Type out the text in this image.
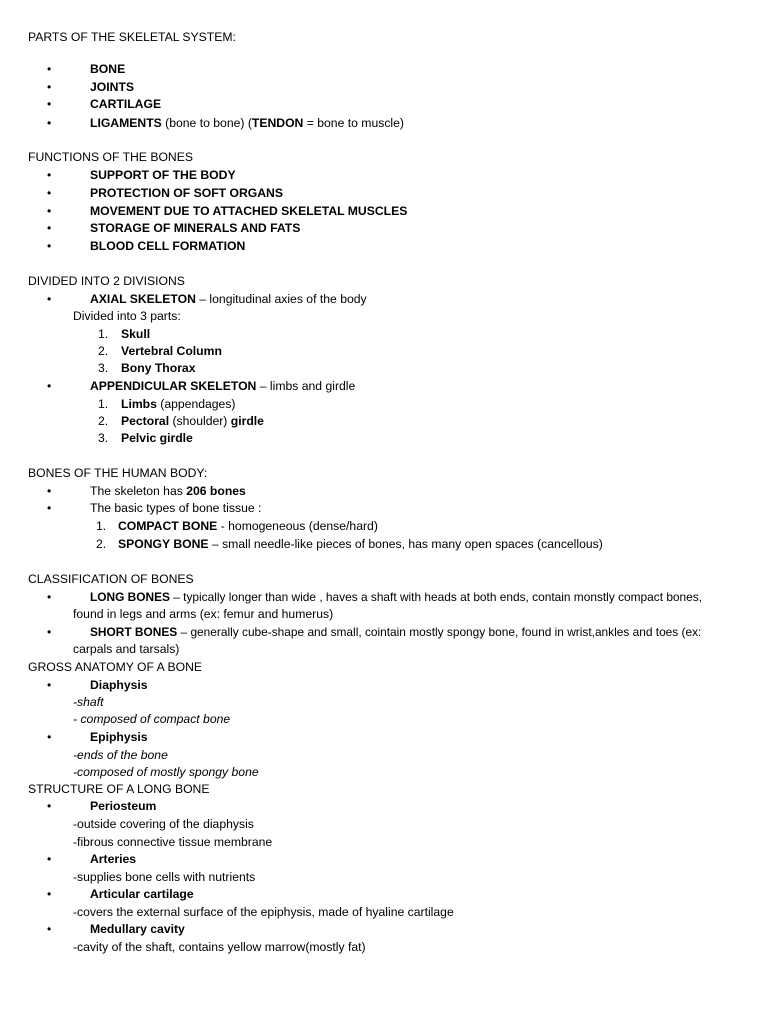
PARTS OF THE SKELETAL SYSTEM:
•	BONE
•	JOINTS
•	CARTILAGE
•	LIGAMENTS (bone to bone) (TENDON = bone to muscle)
FUNCTIONS OF THE BONES
•	SUPPORT OF THE BODY
•	PROTECTION OF SOFT ORGANS
•	MOVEMENT DUE TO ATTACHED SKELETAL MUSCLES
•	STORAGE OF MINERALS AND FATS
•	BLOOD CELL FORMATION
DIVIDED INTO 2 DIVISIONS
•	AXIAL SKELETON – longitudinal axies of the body
Divided into 3 parts:
1. Skull
2. Vertebral Column
3. Bony Thorax
•	APPENDICULAR SKELETON – limbs and girdle
1. Limbs (appendages)
2. Pectoral (shoulder) girdle
3. Pelvic girdle
BONES OF THE HUMAN BODY:
•	The skeleton has 206 bones
•	The basic types of bone tissue :
1. COMPACT BONE - homogeneous (dense/hard)
2. SPONGY BONE – small needle-like pieces of bones, has many open spaces (cancellous)
CLASSIFICATION OF BONES
•	LONG BONES – typically longer than wide , haves a shaft with heads at both ends, contain monstly compact bones,
found in legs and arms (ex: femur and humerus)
•	SHORT BONES – generally cube-shape and small, cointain mostly spongy bone, found in wrist,ankles and toes (ex:
carpals and tarsals)
GROSS ANATOMY OF A BONE
•	Diaphysis
-shaft
- composed of compact bone
•	Epiphysis
-ends of the bone
-composed of mostly spongy bone
STRUCTURE OF A LONG BONE
•	Periosteum
-outside covering of the diaphysis
-fibrous connective tissue membrane
•	Arteries
-supplies bone cells with nutrients
•	Articular cartilage
-covers the external surface of the epiphysis, made of hyaline cartilage
•	Medullary cavity
-cavity of the shaft, contains yellow marrow(mostly fat)
